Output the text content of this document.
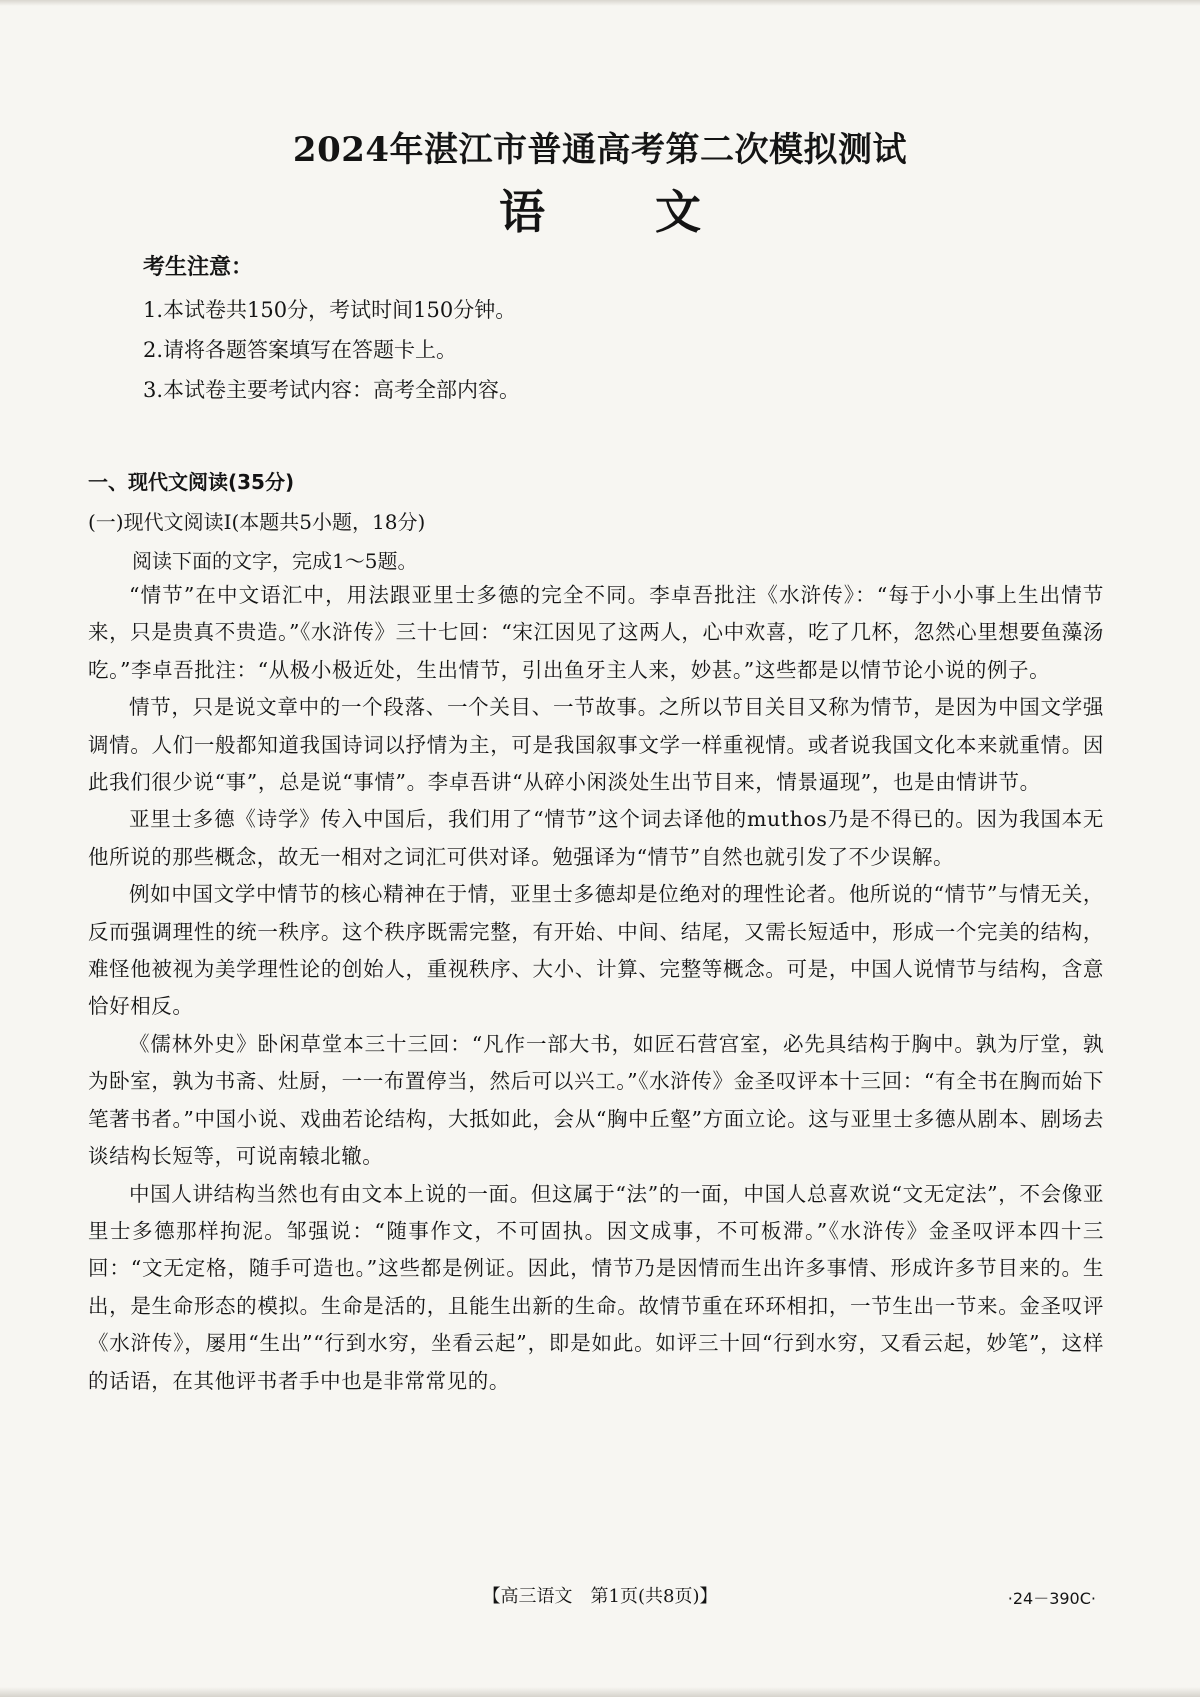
2024年湛江市普通高考第二次模拟测试
语文
考生注意：
1.本试卷共150分，考试时间150分钟。
2.请将各题答案填写在答题卡上。
3.本试卷主要考试内容：高考全部内容。
一、现代文阅读(35分)
(一)现代文阅读Ⅰ(本题共5小题，18分)
阅读下面的文字，完成1～5题。

“情节”在中文语汇中，用法跟亚里士多德的完全不同。李卓吾批注《水浒传》：“每于小小事上生出情节来，只是贵真不贵造。”《水浒传》三十七回：“宋江因见了这两人，心中欢喜，吃了几杯，忽然心里想要鱼藻汤吃。”李卓吾批注：“从极小极近处，生出情节，引出鱼牙主人来，妙甚。”这些都是以情节论小说的例子。

情节，只是说文章中的一个段落、一个关目、一节故事。之所以节目关目又称为情节，是因为中国文学强调情。人们一般都知道我国诗词以抒情为主，可是我国叙事文学一样重视情。或者说我国文化本来就重情。因此我们很少说“事”，总是说“事情”。李卓吾讲“从碎小闲淡处生出节目来，情景逼现”，也是由情讲节。

亚里士多德《诗学》传入中国后，我们用了“情节”这个词去译他的muthos乃是不得已的。因为我国本无他所说的那些概念，故无一相对之词汇可供对译。勉强译为“情节”自然也就引发了不少误解。

例如中国文学中情节的核心精神在于情，亚里士多德却是位绝对的理性论者。他所说的“情节”与情无关，反而强调理性的统一秩序。这个秩序既需完整，有开始、中间、结尾，又需长短适中，形成一个完美的结构，难怪他被视为美学理性论的创始人，重视秩序、大小、计算、完整等概念。可是，中国人说情节与结构，含意恰好相反。

《儒林外史》卧闲草堂本三十三回：“凡作一部大书，如匠石营宫室，必先具结构于胸中。孰为厅堂，孰为卧室，孰为书斋、灶厨，一一布置停当，然后可以兴工。”《水浒传》金圣叹评本十三回：“有全书在胸而始下笔著书者。”中国小说、戏曲若论结构，大抵如此，会从“胸中丘壑”方面立论。这与亚里士多德从剧本、剧场去谈结构长短等，可说南辕北辙。

中国人讲结构当然也有由文本上说的一面。但这属于“法”的一面，中国人总喜欢说“文无定法”，不会像亚里士多德那样拘泥。邹强说：“随事作文，不可固执。因文成事，不可板滞。”《水浒传》金圣叹评本四十三回：“文无定格，随手可造也。”这些都是例证。因此，情节乃是因情而生出许多事情、形成许多节目来的。生出，是生命形态的模拟。生命是活的，且能生出新的生命。故情节重在环环相扣，一节生出一节来。金圣叹评《水浒传》，屡用“生出”“行到水穷，坐看云起”，即是如此。如评三十回“行到水穷，又看云起，妙笔”，这样的话语，在其他评书者手中也是非常常见的。

【高三语文　第1页(共8页)】	·24－390C·
